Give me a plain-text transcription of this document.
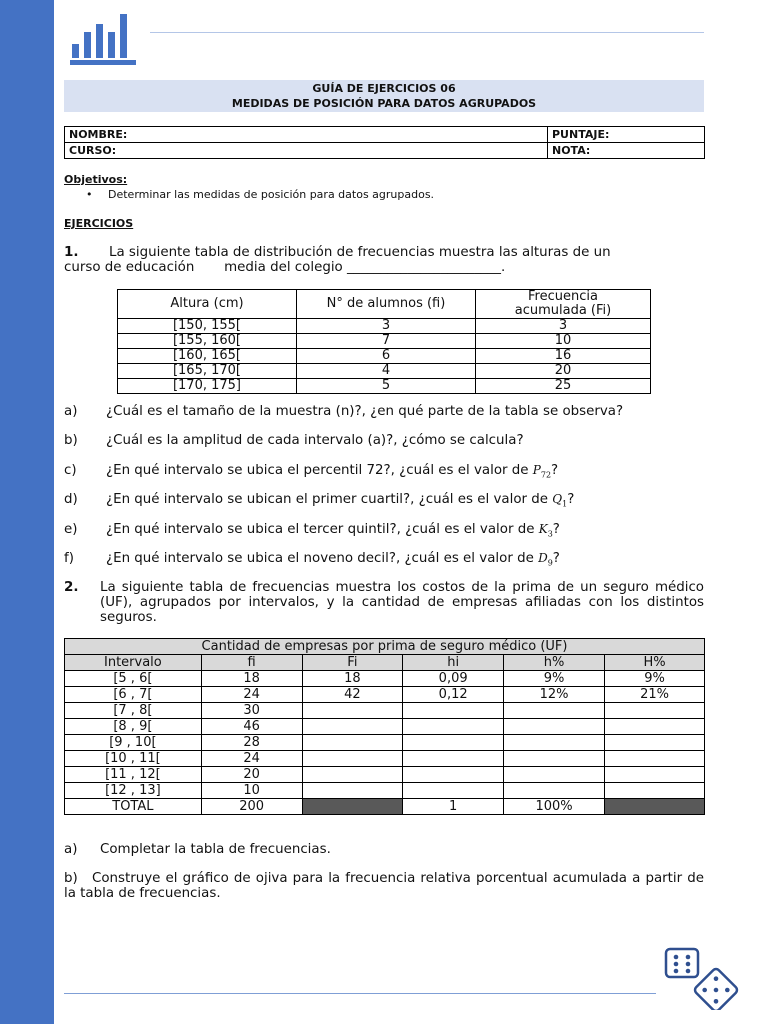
GUÍA DE EJERCICIOS 06
MEDIDAS DE POSICIÓN PARA DATOS AGRUPADOS
NOMBRE:	PUNTAJE:
CURSO:	NOTA:
Objetivos:
• Determinar las medidas de posición para datos agrupados.
EJERCICIOS
1. La siguiente tabla de distribución de frecuencias muestra las alturas de un
curso de educación       media del colegio _______________________.
Altura (cm)	N° de alumnos (fi)	Frecuencia acumulada (Fi)
[150, 155[	3	3
[155, 160[	7	10
[160, 165[	6	16
[165, 170[	4	20
[170, 175]	5	25
a) ¿Cuál es el tamaño de la muestra (n)?, ¿en qué parte de la tabla se observa?
b) ¿Cuál es la amplitud de cada intervalo (a)?, ¿cómo se calcula?
c) ¿En qué intervalo se ubica el percentil 72?, ¿cuál es el valor de $P_{72}$?
d) ¿En qué intervalo se ubican el primer cuartil?, ¿cuál es el valor de $Q_1$?
e) ¿En qué intervalo se ubica el tercer quintil?, ¿cuál es el valor de $K_3$?
f) ¿En qué intervalo se ubica el noveno decil?, ¿cuál es el valor de $D_9$?
2. La siguiente tabla de frecuencias muestra los costos de la prima de un seguro médico (UF), agrupados por intervalos, y la cantidad de empresas afiliadas con los distintos seguros.
Cantidad de empresas por prima de seguro médico (UF)					
Intervalo	fi	Fi	hi	h%	H%
[5 , 6[	18	18	0,09	9%	9%
[6 , 7[	24	42	0,12	12%	21%
[7 , 8[	30				
[8 , 9[	46				
[9 , 10[	28				
[10 , 11[	24				
[11 , 12[	20				
[12 , 13]	10				
TOTAL	200		1	100%	
a) Completar la tabla de frecuencias.
b) Construye el gráfico de ojiva para la frecuencia relativa porcentual acumulada a partir de la tabla de frecuencias.
